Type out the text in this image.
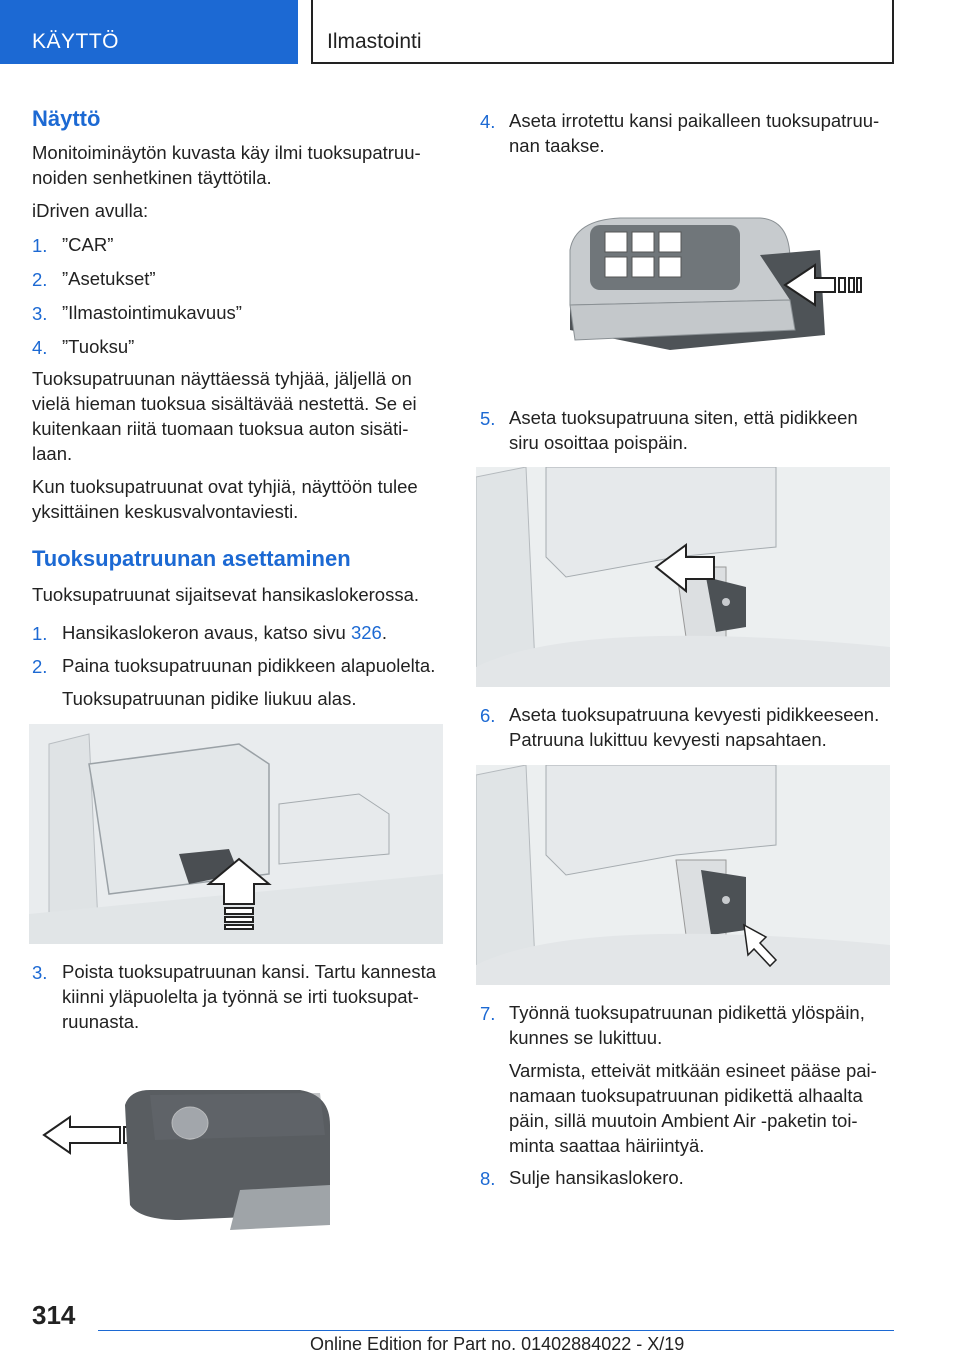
KÄYTTÖ	Ilmastointi
Näyttö
Monitoiminäytön kuvasta käy ilmi tuoksupatruu-
noiden senhetkinen täyttötila.
iDriven avulla:
1. ”CAR”
2. ”Asetukset”
3. ”Ilmastointimukavuus”
4. ”Tuoksu”
Tuoksupatruunan näyttäessä tyhjää, jäljellä on
vielä hieman tuoksua sisältävää nestettä. Se ei
kuitenkaan riitä tuomaan tuoksua auton sisäti-
laan.
Kun tuoksupatruunat ovat tyhjiä, näyttöön tulee
yksittäinen keskusvalvontaviesti.
Tuoksupatruunan asettaminen
Tuoksupatruunat sijaitsevat hansikaslokerossa.
1. Hansikaslokeron avaus, katso sivu 326.
2. Paina tuoksupatruunan pidikkeen alapuolelta.
Tuoksupatruunan pidike liukuu alas.
3. Poista tuoksupatruunan kansi. Tartu kannesta
kiinni yläpuolelta ja työnnä se irti tuoksupat-
ruunasta.
4. Aseta irrotettu kansi paikalleen tuoksupatruu-
nan taakse.
5. Aseta tuoksupatruuna siten, että pidikkeen
siru osoittaa poispäin.
6. Aseta tuoksupatruuna kevyesti pidikkeeseen.
Patruuna lukittuu kevyesti napsahtaen.
7. Työnnä tuoksupatruunan pidikettä ylöspäin,
kunnes se lukittuu.
Varmista, etteivät mitkään esineet pääse pai-
namaan tuoksupatruunan pidikettä alhaalta
päin, sillä muutoin Ambient Air -paketin toi-
minta saattaa häiriintyä.
8. Sulje hansikaslokero.
314
Online Edition for Part no. 01402884022 - X/19
